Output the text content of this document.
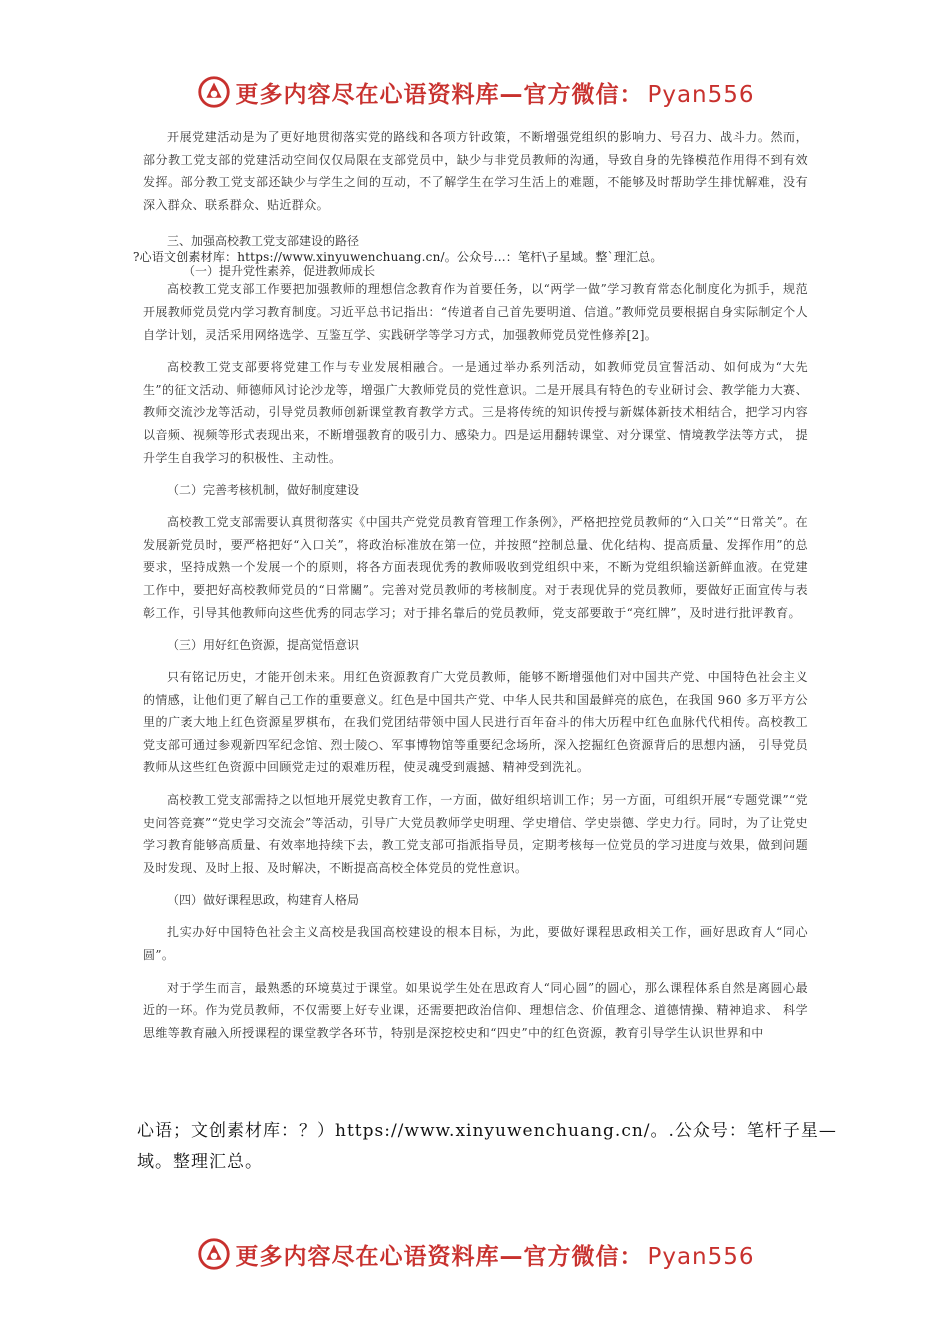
更多内容尽在心语资料库—官方微信： Pyan556

开展党建活动是为了更好地贯彻落实党的路线和各项方针政策，不断增强党组织的影响力、号召力、战斗力。然而，部分教工党支部的党建活动空间仅仅局限在支部党员中，缺少与非党员教师的沟通，导致自身的先锋模范作用得不到有效发挥。部分教工党支部还缺少与学生之间的互动，不了解学生在学习生活上的难题，不能够及时帮助学生排忧解难，没有深入群众、联系群众、贴近群众。

三、加强高校教工党支部建设的路径

高校教工党支部工作要把加强教师的理想信念教育作为首要任务，以“两学一做”学习教育常态化制度化为抓手，规范开展教师党员党内学习教育制度。习近平总书记指出：“传道者自己首先要明道、信道。”教师党员要根据自身实际制定个人自学计划，灵活采用网络选学、互鉴互学、实践研学等学习方式，加强教师党员党性修养[2]。

高校教工党支部要将党建工作与专业发展相融合。一是通过举办系列活动，如教师党员宣誓活动、如何成为“大先生”的征文活动、师德师风讨论沙龙等，增强广大教师党员的党性意识。二是开展具有特色的专业研讨会、教学能力大赛、教师交流沙龙等活动，引导党员教师创新课堂教育教学方式。三是将传统的知识传授与新媒体新技术相结合，把学习内容以音频、视频等形式表现出来，不断增强教育的吸引力、感染力。四是运用翻转课堂、对分课堂、情境教学法等方式， 提升学生自我学习的积极性、主动性。

（二）完善考核机制，做好制度建设

高校教工党支部需要认真贯彻落实《中国共产党党员教育管理工作条例》，严格把控党员教师的“入口关”“日常关”。在发展新党员时，要严格把好“入口关”，将政治标准放在第一位，并按照“控制总量、优化结构、提高质量、发挥作用”的总要求，坚持成熟一个发展一个的原则，将各方面表现优秀的教师吸收到党组织中来，不断为党组织输送新鲜血液。在党建工作中，要把好高校教师党员的“日常關”。完善对党员教师的考核制度。对于表现优异的党员教师，要做好正面宣传与表彰工作，引导其他教师向这些优秀的同志学习；对于排名靠后的党员教师，党支部要敢于“亮红牌”，及时进行批评教育。

（三）用好红色资源，提高觉悟意识

只有铭记历史，才能开创未来。用红色资源教育广大党员教师，能够不断增强他们对中国共产党、中国特色社会主义的情感，让他们更了解自己工作的重要意义。红色是中国共产党、中华人民共和国最鲜亮的底色，在我国 960 多万平方公里的广袤大地上红色资源星罗棋布，在我们党团结带领中国人民进行百年奋斗的伟大历程中红色血脉代代相传。高校教工党支部可通过参观新四军纪念馆、烈士陵○、军事博物馆等重要纪念场所，深入挖掘红色资源背后的思想内涵， 引导党员教师从这些红色资源中回顾党走过的艰难历程，使灵魂受到震撼、精神受到洗礼。

高校教工党支部需持之以恒地开展党史教育工作，一方面，做好组织培训工作；另一方面，可组织开展“专题党课”“党史问答竞赛”“党史学习交流会”等活动，引导广大党员教师学史明理、学史增信、学史崇德、学史力行。同时，为了让党史学习教育能够高质量、有效率地持续下去，教工党支部可指派指导员，定期考核每一位党员的学习进度与效果，做到问题及时发现、及时上报、及时解决，不断提高高校全体党员的党性意识。

（四）做好课程思政，构建育人格局

扎实办好中国特色社会主义高校是我国高校建设的根本目标，为此，要做好课程思政相关工作，画好思政育人“同心圆”。

对于学生而言，最熟悉的环境莫过于课堂。如果说学生处在思政育人“同心圆”的圆心，那么课程体系自然是离圆心最近的一环。作为党员教师，不仅需要上好专业课，还需要把政治信仰、理想信念、价值理念、道德情操、精神追求、 科学思维等教育融入所授课程的课堂教学各环节，特别是深挖校史和“四史”中的红色资源，教育引导学生认识世界和中

?心语文创素材库：https://www.xinyuwenchuang.cn/。公众号…：笔杆\子星域。整`理汇总。
（一）提升党性素养，促进教师成长
心语；文创素材库：？）https://www.xinyuwenchuang.cn/。.公众号：笔杆子星—域。整理汇总。
更多内容尽在心语资料库—官方微信： Pyan556
